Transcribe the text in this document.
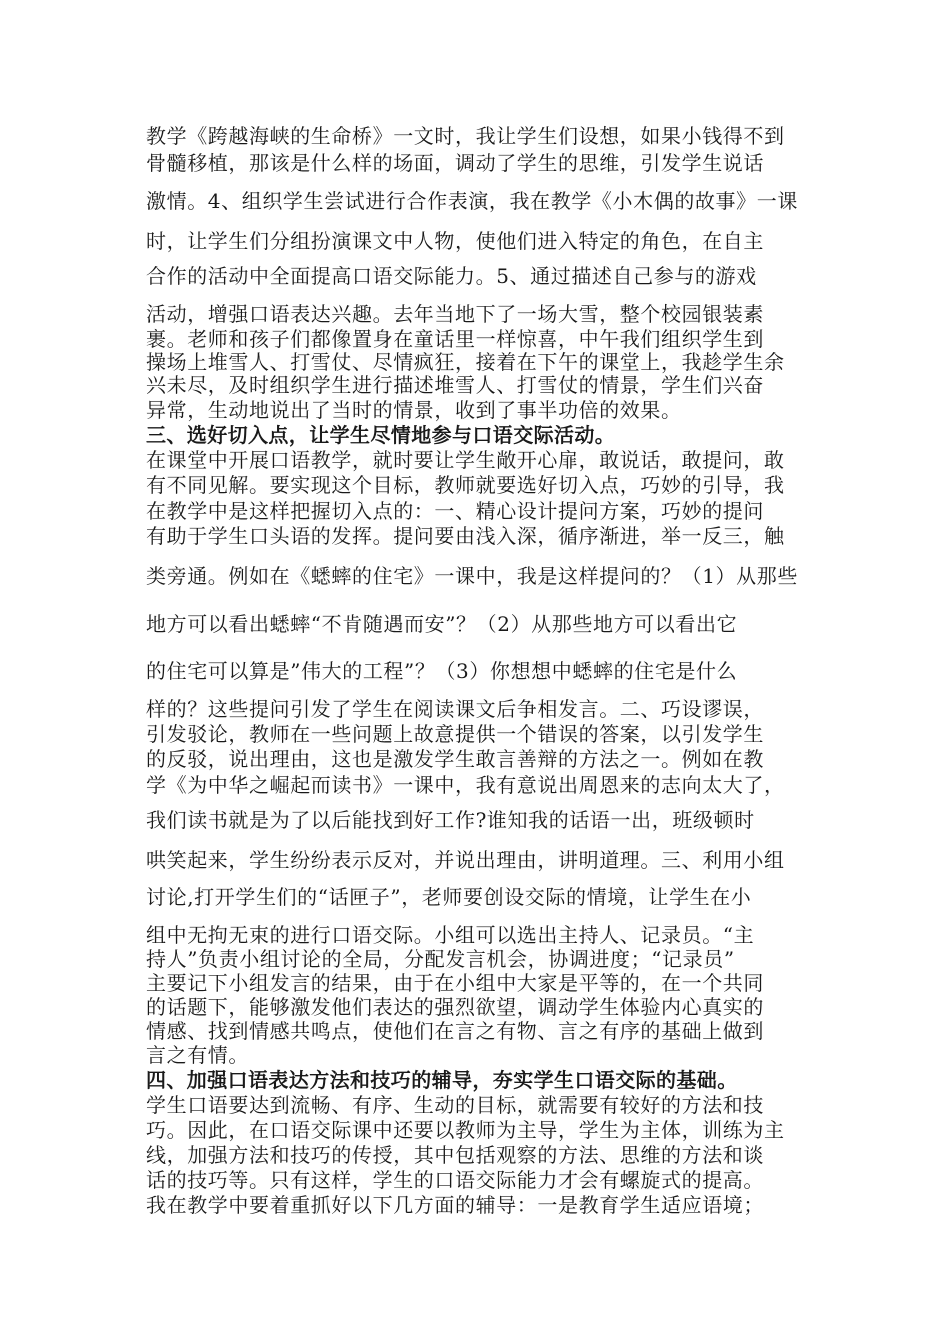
教学《跨越海峡的生命桥》一文时，我让学生们设想，如果小钱得不到
骨髓移植，那该是什么样的场面，调动了学生的思维，引发学生说话
激情。4、组织学生尝试进行合作表演，我在教学《小木偶的故事》一课
时，让学生们分组扮演课文中人物，使他们进入特定的角色，在自主
合作的活动中全面提高口语交际能力。5、通过描述自己参与的游戏
活动，增强口语表达兴趣。去年当地下了一场大雪，整个校园银装素
裹。老师和孩子们都像置身在童话里一样惊喜，中午我们组织学生到
操场上堆雪人、打雪仗、尽情疯狂，接着在下午的课堂上，我趁学生余
兴未尽，及时组织学生进行描述堆雪人、打雪仗的情景，学生们兴奋
异常，生动地说出了当时的情景，收到了事半功倍的效果。
三、选好切入点，让学生尽情地参与口语交际活动。
在课堂中开展口语教学，就时要让学生敞开心扉，敢说话，敢提问，敢
有不同见解。要实现这个目标，教师就要选好切入点，巧妙的引导，我
在教学中是这样把握切入点的：一、精心设计提问方案，巧妙的提问
有助于学生口头语的发挥。提问要由浅入深，循序渐进，举一反三，触
类旁通。例如在《蟋蟀的住宅》一课中，我是这样提问的？（1）从那些
地方可以看出蟋蟀“不肯随遇而安”？（2）从那些地方可以看出它
的住宅可以算是”伟大的工程”？（3）你想想中蟋蟀的住宅是什么
样的？这些提问引发了学生在阅读课文后争相发言。二、巧设谬误，
引发驳论，教师在一些问题上故意提供一个错误的答案，以引发学生
的反驳，说出理由，这也是激发学生敢言善辩的方法之一。例如在教
学《为中华之崛起而读书》一课中，我有意说出周恩来的志向太大了，
我们读书就是为了以后能找到好工作?谁知我的话语一出，班级顿时
哄笑起来，学生纷纷表示反对，并说出理由，讲明道理。三、利用小组
讨论,打开学生们的“话匣子”，老师要创设交际的情境，让学生在小
组中无拘无束的进行口语交际。小组可以选出主持人、记录员。“主
持人”负责小组讨论的全局，分配发言机会，协调进度；“记录员”
主要记下小组发言的结果，由于在小组中大家是平等的，在一个共同
的话题下，能够激发他们表达的强烈欲望，调动学生体验内心真实的
情感、找到情感共鸣点，使他们在言之有物、言之有序的基础上做到
言之有情。
四、加强口语表达方法和技巧的辅导，夯实学生口语交际的基础。
学生口语要达到流畅、有序、生动的目标，就需要有较好的方法和技
巧。因此，在口语交际课中还要以教师为主导，学生为主体，训练为主
线，加强方法和技巧的传授，其中包括观察的方法、思维的方法和谈
话的技巧等。只有这样，学生的口语交际能力才会有螺旋式的提高。
我在教学中要着重抓好以下几方面的辅导：一是教育学生适应语境；
